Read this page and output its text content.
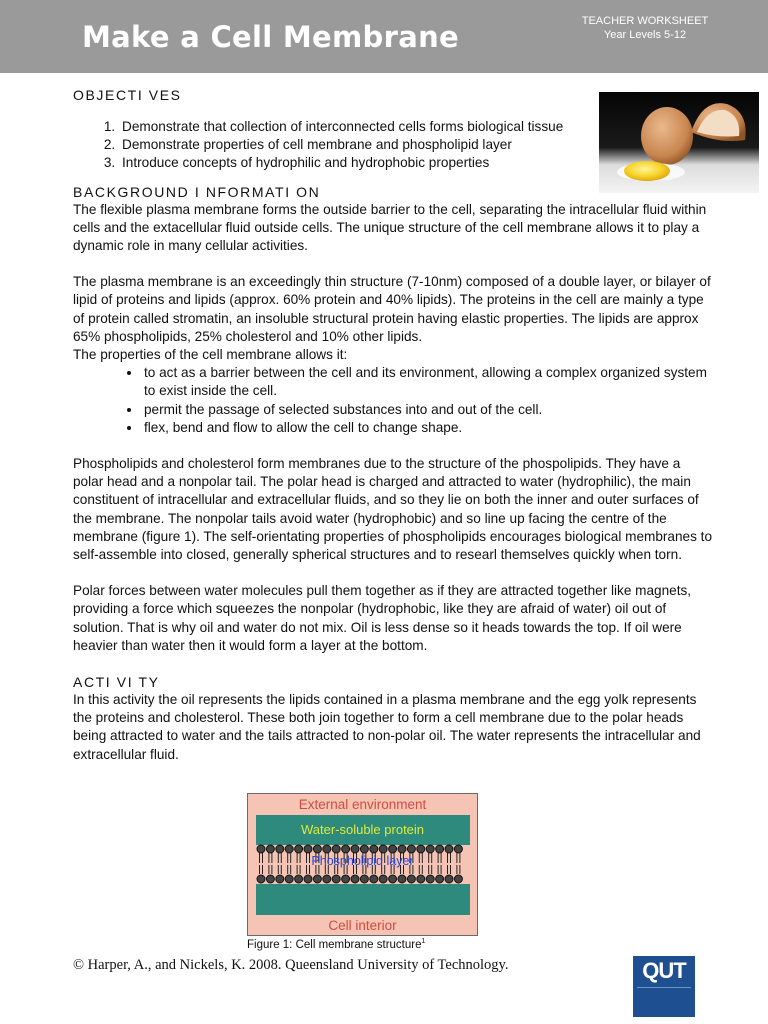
Make a Cell Membrane	TEACHER WORKSHEET
Year Levels 5-12
OBJECTI VES
1. Demonstrate that collection of interconnected cells forms biological tissue
2. Demonstrate properties of cell membrane and phospholipid layer
3. Introduce concepts of hydrophilic and hydrophobic properties
BACKGROUND I NFORMATI ON

The flexible plasma membrane forms the outside barrier to the cell, separating the intracellular fluid within cells and the extacellular fluid outside cells. The unique structure of the cell membrane allows it to play a dynamic role in many cellular activities.

The plasma membrane is an exceedingly thin structure (7-10nm) composed of a double layer, or bilayer of lipid of proteins and lipids (approx. 60% protein and 40% lipids). The proteins in the cell are mainly a type of protein called stromatin, an insoluble structural protein having elastic properties. The lipids are approx 65% phospholipids, 25% cholesterol and 10% other lipids.

The properties of the cell membrane allows it:

• to act as a barrier between the cell and its environment, allowing a complex organized system to exist inside the cell.
• permit the passage of selected substances into and out of the cell.
• flex, bend and flow to allow the cell to change shape.

Phospholipids and cholesterol form membranes due to the structure of the phospolipids. They have a polar head and a nonpolar tail. The polar head is charged and attracted to water (hydrophilic), the main constituent of intracellular and extracellular fluids, and so they lie on both the inner and outer surfaces of the membrane. The nonpolar tails avoid water (hydrophobic) and so line up facing the centre of the membrane (figure 1). The self-orientating properties of phospholipids encourages biological membranes to self-assemble into closed, generally spherical structures and to researl themselves quickly when torn.

Polar forces between water molecules pull them together as if they are attracted together like magnets, providing a force which squeezes the nonpolar (hydrophobic, like they are afraid of water) oil out of solution. That is why oil and water do not mix. Oil is less dense so it heads towards the top. If oil were heavier than water then it would form a layer at the bottom.

ACTI VI TY

In this activity the oil represents the lipids contained in a plasma membrane and the egg yolk represents the proteins and cholesterol. These both join together to form a cell membrane due to the polar heads being attracted to water and the tails attracted to non-polar oil. The water represents the intracellular and extracellular fluid.

External environment
Water-soluble protein
Phospholipid layer
Cell interior
Figure 1: Cell membrane structure$^1$
© Harper, A., and Nickels, K. 2008. Queensland University of Technology.	QUT
